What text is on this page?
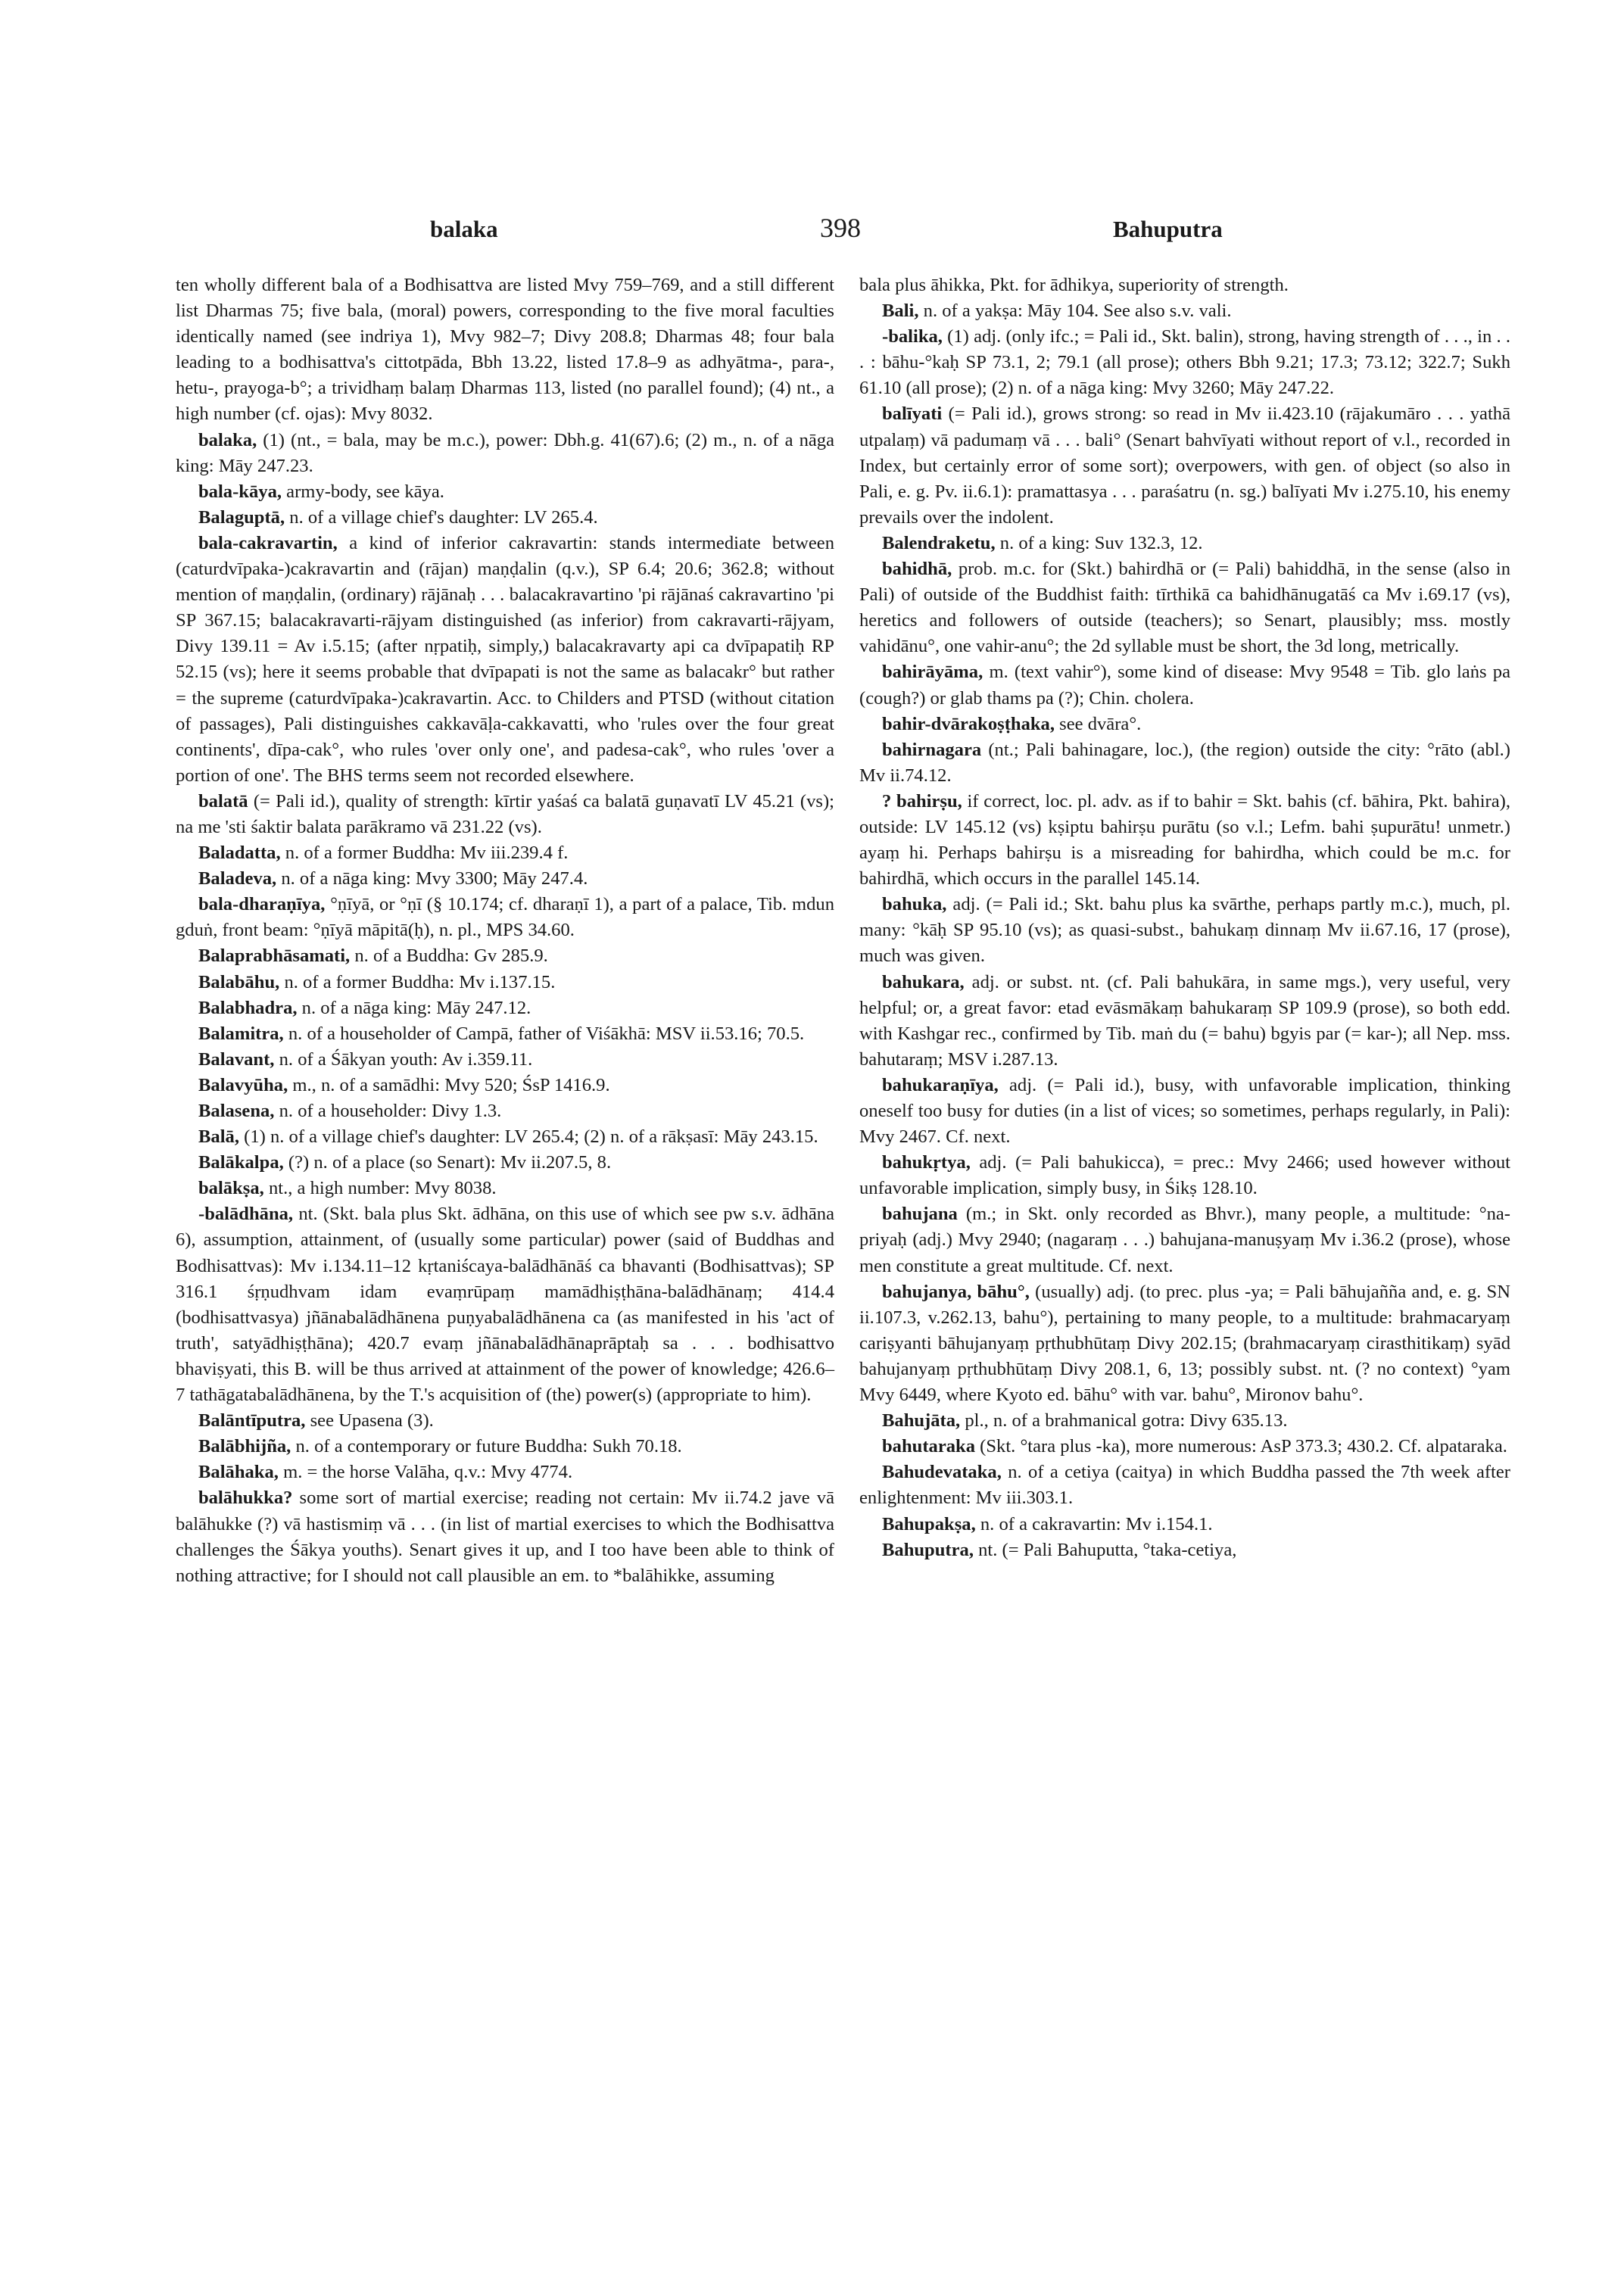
balaka	398	Bahuputra

ten wholly different bala of a Bodhisattva are listed Mvy 759–769, and a still different list Dharmas 75; five bala, (moral) powers, corresponding to the five moral faculties identically named (see indriya 1), Mvy 982–7; Divy 208.8; Dharmas 48; four bala leading to a bodhisattva's cittotpāda, Bbh 13.22, listed 17.8–9 as adhyātma-, para-, hetu-, prayoga-b°; a trividhaṃ balaṃ Dharmas 113, listed (no parallel found); (4) nt., a high number (cf. ojas): Mvy 8032.

balaka, (1) (nt., = bala, may be m.c.), power: Dbh.g. 41(67).6; (2) m., n. of a nāga king: Māy 247.23.

bala-kāya, army-body, see kāya.

Balaguptā, n. of a village chief's daughter: LV 265.4.

bala-cakravartin, a kind of inferior cakravartin: stands intermediate between (caturdvīpaka-)cakravartin and (rājan) maṇḍalin (q.v.), SP 6.4; 20.6; 362.8; without mention of maṇḍalin, (ordinary) rājānaḥ . . . balacakravartino 'pi rājānaś cakravartino 'pi SP 367.15; balacakravarti-rājyam distinguished (as inferior) from cakravarti-rājyam, Divy 139.11 = Av i.5.15; (after nṛpatiḥ, simply,) balacakravarty api ca dvīpapatiḥ RP 52.15 (vs); here it seems probable that dvīpapati is not the same as balacakr° but rather = the supreme (caturdvīpaka-)cakravartin. Acc. to Childers and PTSD (without citation of passages), Pali distinguishes cakkavāḷa-cakkavatti, who 'rules over the four great continents', dīpa-cak°, who rules 'over only one', and padesa-cak°, who rules 'over a portion of one'. The BHS terms seem not recorded elsewhere.

balatā (= Pali id.), quality of strength: kīrtir yaśaś ca balatā guṇavatī LV 45.21 (vs); na me 'sti śaktir balata parākramo vā 231.22 (vs).

Baladatta, n. of a former Buddha: Mv iii.239.4 f.

Baladeva, n. of a nāga king: Mvy 3300; Māy 247.4.

bala-dharaṇīya, °ṇīyā, or °ṇī (§ 10.174; cf. dharaṇī 1), a part of a palace, Tib. mdun gduṅ, front beam: °ṇīyā māpitā(ḥ), n. pl., MPS 34.60.

Balaprabhāsamati, n. of a Buddha: Gv 285.9.

Balabāhu, n. of a former Buddha: Mv i.137.15.

Balabhadra, n. of a nāga king: Māy 247.12.

Balamitra, n. of a householder of Campā, father of Viśākhā: MSV ii.53.16; 70.5.

Balavant, n. of a Śākyan youth: Av i.359.11.

Balavyūha, m., n. of a samādhi: Mvy 520; ŚsP 1416.9.

Balasena, n. of a householder: Divy 1.3.

Balā, (1) n. of a village chief's daughter: LV 265.4; (2) n. of a rākṣasī: Māy 243.15.

Balākalpa, (?) n. of a place (so Senart): Mv ii.207.5, 8.

balākṣa, nt., a high number: Mvy 8038.

-balādhāna, nt. (Skt. bala plus Skt. ādhāna, on this use of which see pw s.v. ādhāna 6), assumption, attainment, of (usually some particular) power (said of Buddhas and Bodhisattvas): Mv i.134.11–12 kṛtaniścaya-balādhānāś ca bhavanti (Bodhisattvas); SP 316.1 śṛṇudhvam idam evaṃrūpaṃ mamādhiṣṭhāna-balādhānaṃ; 414.4 (bodhisattvasya) jñānabalādhānena puṇyabalādhānena ca (as manifested in his 'act of truth', satyādhiṣṭhāna); 420.7 evaṃ jñānabalādhānaprāptaḥ sa . . . bodhisattvo bhaviṣyati, this B. will be thus arrived at attainment of the power of knowledge; 426.6–7 tathāgatabalādhānena, by the T.'s acquisition of (the) power(s) (appropriate to him).

Balāntīputra, see Upasena (3).

Balābhijña, n. of a contemporary or future Buddha: Sukh 70.18.

Balāhaka, m. = the horse Valāha, q.v.: Mvy 4774.

balāhukka? some sort of martial exercise; reading not certain: Mv ii.74.2 jave vā balāhukke (?) vā hastismiṃ vā . . . (in list of martial exercises to which the Bodhisattva challenges the Śākya youths). Senart gives it up, and I too have been able to think of nothing attractive; for I should not call plausible an em. to *balāhikke, assuming

bala plus āhikka, Pkt. for ādhikya, superiority of strength.

Bali, n. of a yakṣa: Māy 104. See also s.v. vali.

-balika, (1) adj. (only ifc.; = Pali id., Skt. balin), strong, having strength of . . ., in . . . : bāhu-°kaḥ SP 73.1, 2; 79.1 (all prose); others Bbh 9.21; 17.3; 73.12; 322.7; Sukh 61.10 (all prose); (2) n. of a nāga king: Mvy 3260; Māy 247.22.

balīyati (= Pali id.), grows strong: so read in Mv ii.423.10 (rājakumāro . . . yathā utpalaṃ) vā padumaṃ vā . . . bali° (Senart bahvīyati without report of v.l., recorded in Index, but certainly error of some sort); overpowers, with gen. of object (so also in Pali, e. g. Pv. ii.6.1): pramattasya . . . paraśatru (n. sg.) balīyati Mv i.275.10, his enemy prevails over the indolent.

Balendraketu, n. of a king: Suv 132.3, 12.

bahidhā, prob. m.c. for (Skt.) bahirdhā or (= Pali) bahiddhā, in the sense (also in Pali) of outside of the Buddhist faith: tīrthikā ca bahidhānugatāś ca Mv i.69.17 (vs), heretics and followers of outside (teachers); so Senart, plausibly; mss. mostly vahidānu°, one vahir-anu°; the 2d syllable must be short, the 3d long, metrically.

bahirāyāma, m. (text vahir°), some kind of disease: Mvy 9548 = Tib. glo laṅs pa (cough?) or glab thams pa (?); Chin. cholera.

bahir-dvārakoṣṭhaka, see dvāra°.

bahirnagara (nt.; Pali bahinagare, loc.), (the region) outside the city: °rāto (abl.) Mv ii.74.12.

? bahirṣu, if correct, loc. pl. adv. as if to bahir = Skt. bahis (cf. bāhira, Pkt. bahira), outside: LV 145.12 (vs) kṣiptu bahirṣu purātu (so v.l.; Lefm. bahi ṣupurātu! unmetr.) ayaṃ hi. Perhaps bahirṣu is a misreading for bahirdha, which could be m.c. for bahirdhā, which occurs in the parallel 145.14.

bahuka, adj. (= Pali id.; Skt. bahu plus ka svārthe, perhaps partly m.c.), much, pl. many: °kāḥ SP 95.10 (vs); as quasi-subst., bahukaṃ dinnaṃ Mv ii.67.16, 17 (prose), much was given.

bahukara, adj. or subst. nt. (cf. Pali bahukāra, in same mgs.), very useful, very helpful; or, a great favor: etad evāsmākaṃ bahukaraṃ SP 109.9 (prose), so both edd. with Kashgar rec., confirmed by Tib. maṅ du (= bahu) bgyis par (= kar-); all Nep. mss. bahutaraṃ; MSV i.287.13.

bahukaraṇīya, adj. (= Pali id.), busy, with unfavorable implication, thinking oneself too busy for duties (in a list of vices; so sometimes, perhaps regularly, in Pali): Mvy 2467. Cf. next.

bahukṛtya, adj. (= Pali bahukicca), = prec.: Mvy 2466; used however without unfavorable implication, simply busy, in Śikṣ 128.10.

bahujana (m.; in Skt. only recorded as Bhvr.), many people, a multitude: °na-priyaḥ (adj.) Mvy 2940; (nagaraṃ . . .) bahujana-manuṣyaṃ Mv i.36.2 (prose), whose men constitute a great multitude. Cf. next.

bahujanya, bāhu°, (usually) adj. (to prec. plus -ya; = Pali bāhujañña and, e. g. SN ii.107.3, v.262.13, bahu°), pertaining to many people, to a multitude: brahmacaryaṃ cariṣyanti bāhujanyaṃ pṛthubhūtaṃ Divy 202.15; (brahmacaryaṃ cirasthitikaṃ) syād bahujanyaṃ pṛthubhūtaṃ Divy 208.1, 6, 13; possibly subst. nt. (? no context) °yam Mvy 6449, where Kyoto ed. bāhu° with var. bahu°, Mironov bahu°.

Bahujāta, pl., n. of a brahmanical gotra: Divy 635.13.

bahutaraka (Skt. °tara plus -ka), more numerous: AsP 373.3; 430.2. Cf. alpataraka.

Bahudevataka, n. of a cetiya (caitya) in which Buddha passed the 7th week after enlightenment: Mv iii.303.1.

Bahupakṣa, n. of a cakravartin: Mv i.154.1.

Bahuputra, nt. (= Pali Bahuputta, °taka-cetiya,
